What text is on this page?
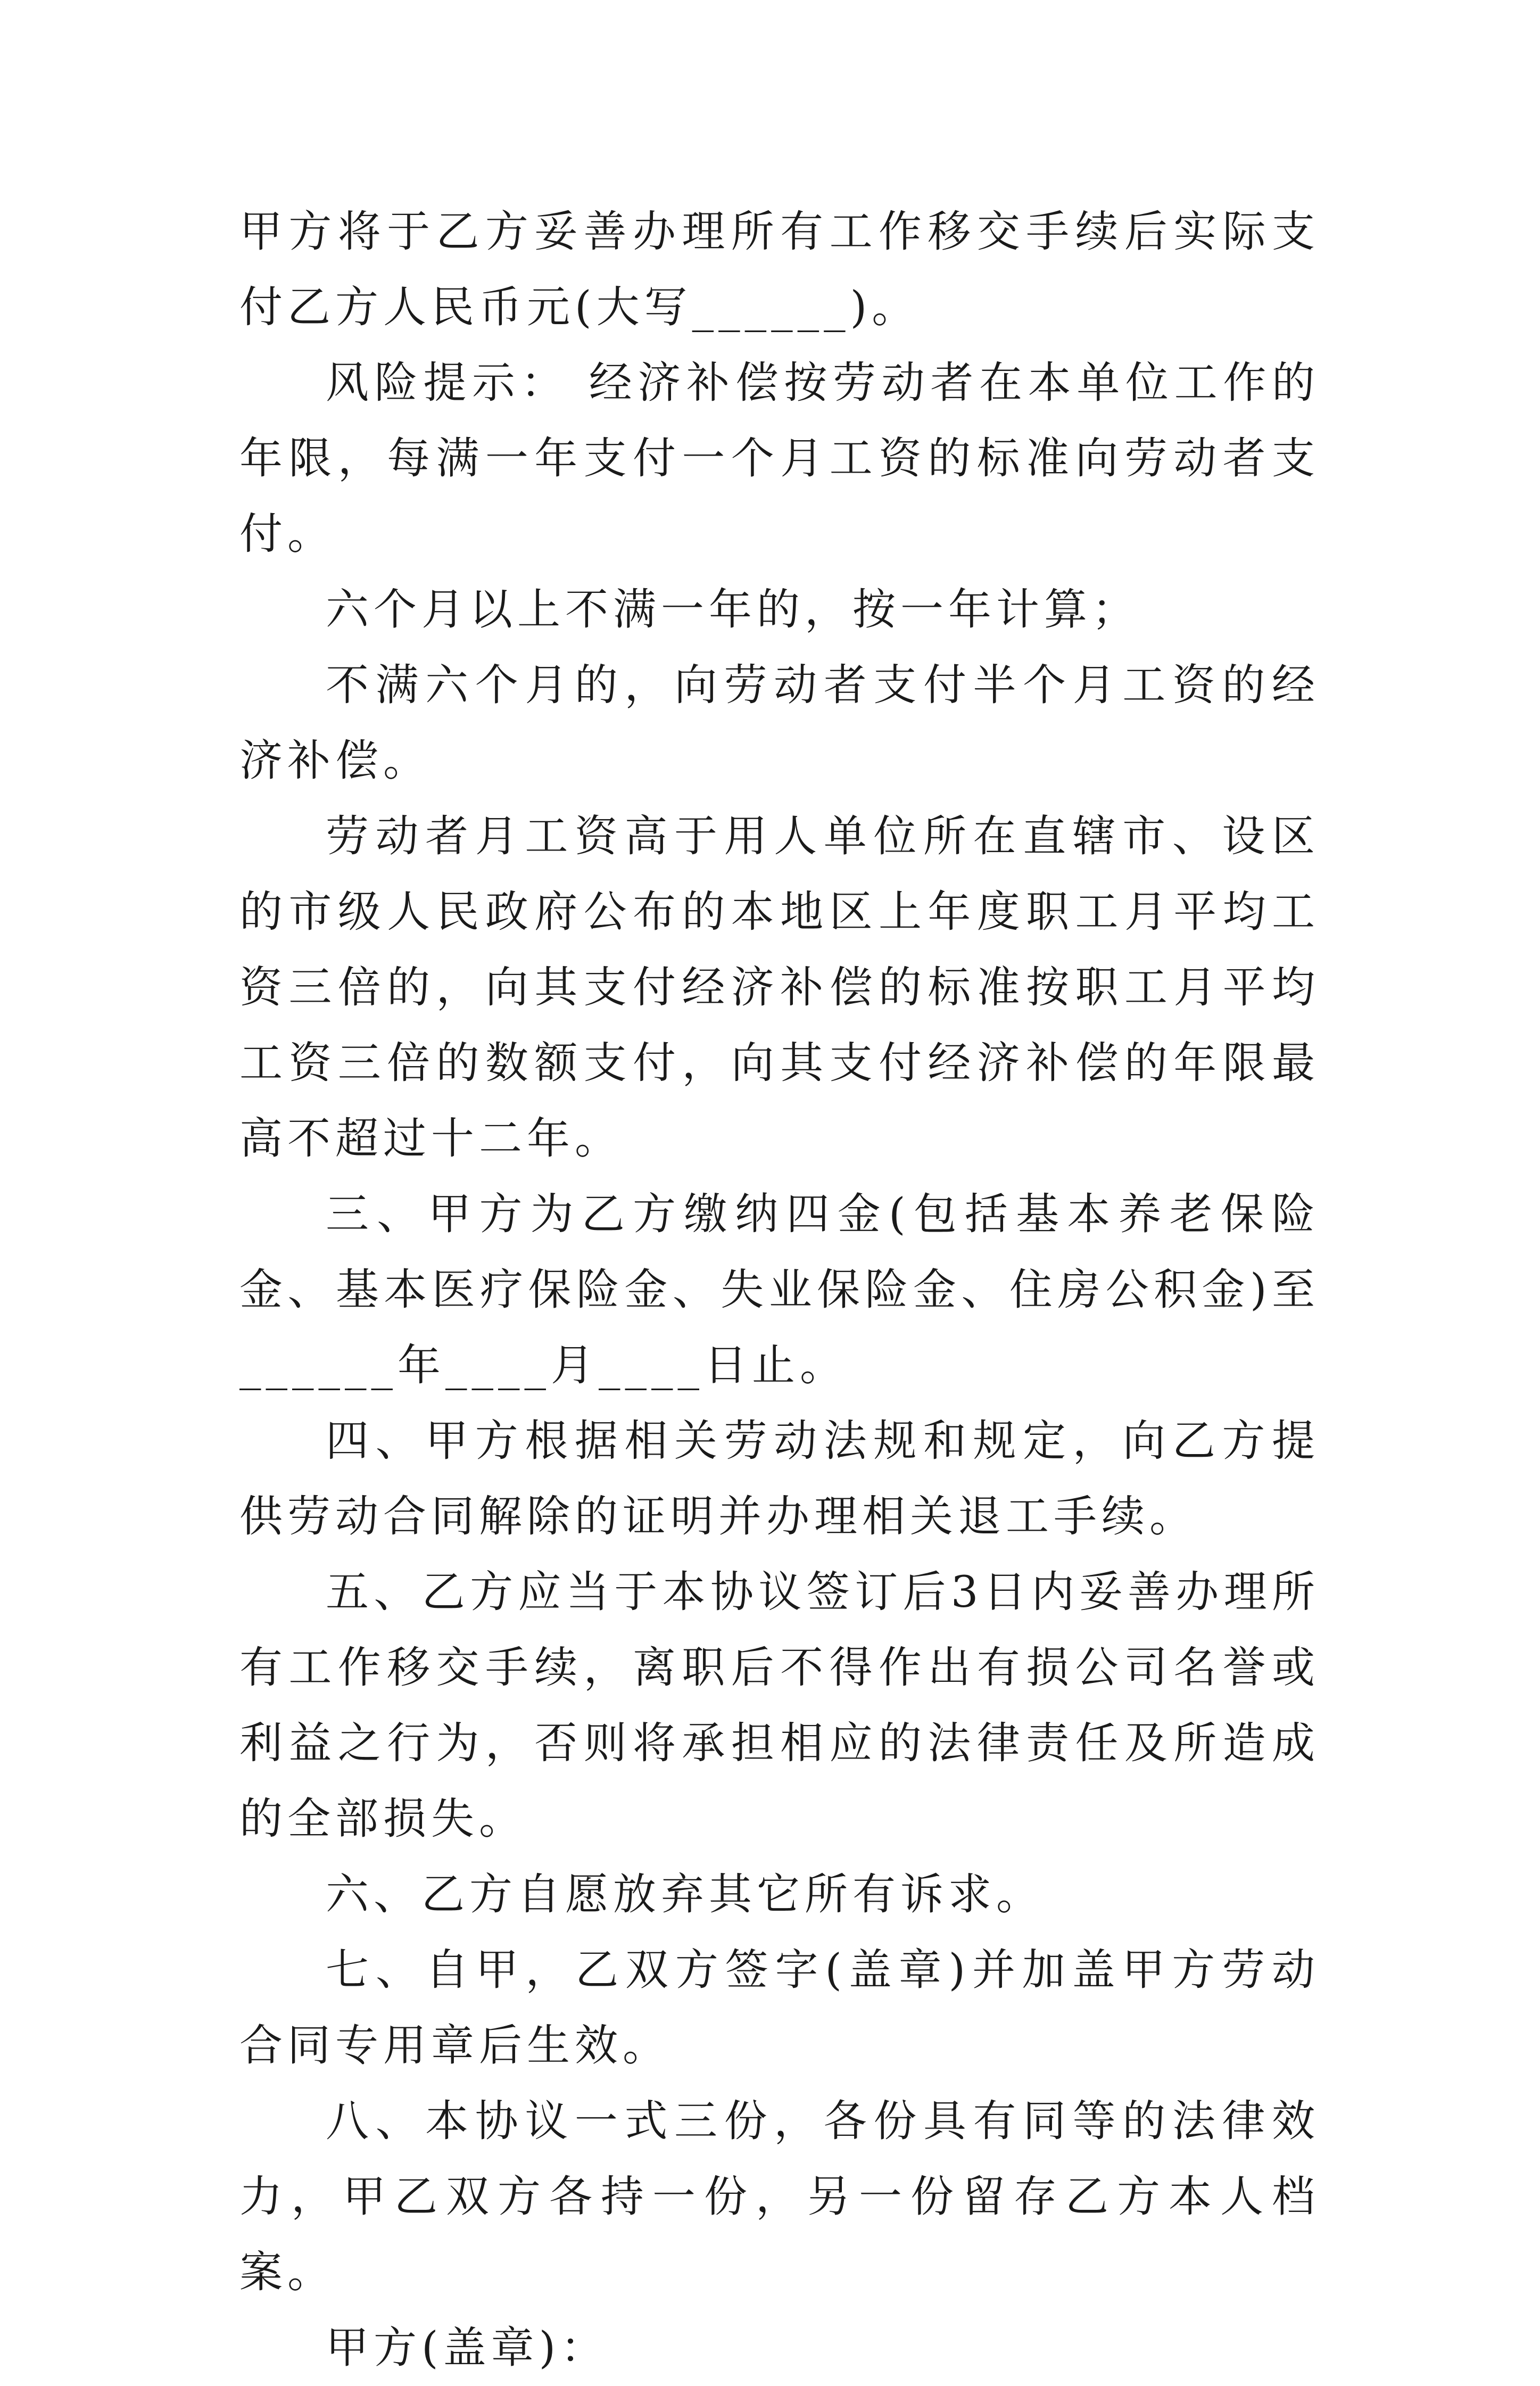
甲方将于乙方妥善办理所有工作移交手续后实际支付乙方人民币元(大写______)。

风险提示： 经济补偿按劳动者在本单位工作的年限，每满一年支付一个月工资的标准向劳动者支付。

六个月以上不满一年的，按一年计算；

不满六个月的，向劳动者支付半个月工资的经济补偿。

劳动者月工资高于用人单位所在直辖市、设区的市级人民政府公布的本地区上年度职工月平均工资三倍的，向其支付经济补偿的标准按职工月平均工资三倍的数额支付，向其支付经济补偿的年限最高不超过十二年。

三、甲方为乙方缴纳四金(包括基本养老保险金、基本医疗保险金、失业保险金、住房公积金)至______年____月____日止。

四、甲方根据相关劳动法规和规定，向乙方提供劳动合同解除的证明并办理相关退工手续。

五、乙方应当于本协议签订后3日内妥善办理所有工作移交手续，离职后不得作出有损公司名誉或利益之行为，否则将承担相应的法律责任及所造成的全部损失。

六、乙方自愿放弃其它所有诉求。

七、自甲，乙双方签字(盖章)并加盖甲方劳动合同专用章后生效。

八、本协议一式三份，各份具有同等的法律效力，甲乙双方各持一份，另一份留存乙方本人档案。

甲方(盖章)：
